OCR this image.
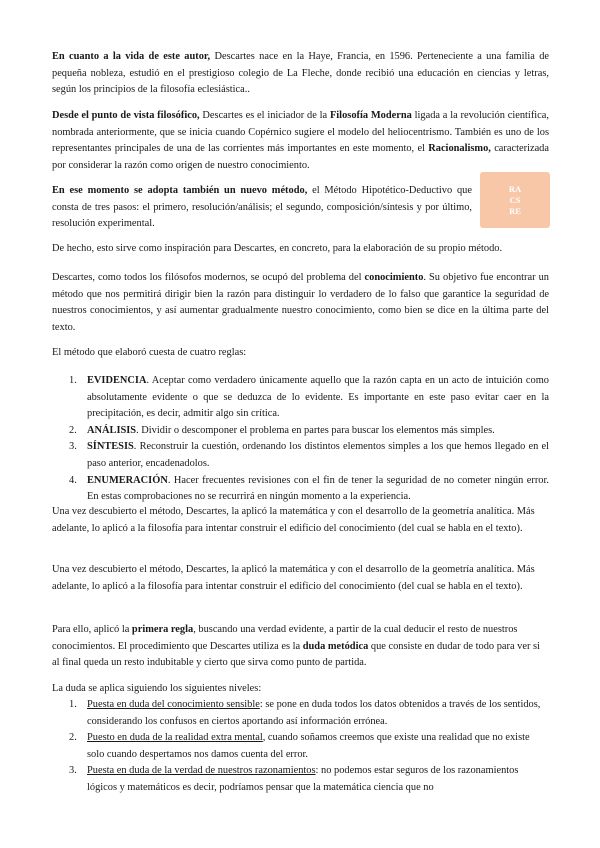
En cuanto a la vida de este autor, Descartes nace en la Haye, Francia, en 1596. Perteneciente a una familia de pequeña nobleza, estudió en el prestigioso colegio de La Fleche, donde recibió una educación en ciencias y letras, según los principios de la filosofía eclesiástica..

Desde el punto de vista filosófico, Descartes es el iniciador de la Filosofía Moderna ligada a la revolución científica, nombrada anteriormente, que se inicia cuando Copérnico sugiere el modelo del heliocentrismo. También es uno de los representantes principales de una de las corrientes más importantes en este momento, el Racionalismo, caracterizada por considerar la razón como origen de nuestro conocimiento.

En ese momento se adopta también un nuevo método, el Método Hipotético-Deductivo que consta de tres pasos: el primero, resolución/análisis; el segundo, composición/síntesis y por último, resolución experimental.

RA
CS
RE

De hecho, esto sirve como inspiración para Descartes, en concreto, para la elaboración de su propio método.

Descartes, como todos los filósofos modernos, se ocupó del problema del conocimiento. Su objetivo fue encontrar un método que nos permitirá dirigir bien la razón para distinguir lo verdadero de lo falso que garantice la seguridad de nuestros conocimientos, y así aumentar gradualmente nuestro conocimiento, como bien se dice en la última parte del texto.

El método que elaboró cuesta de cuatro reglas:

1. EVIDENCIA. Aceptar como verdadero únicamente aquello que la razón capta en un acto de intuición como absolutamente evidente o que se deduzca de lo evidente. Es importante en este paso evitar caer en la precipitación, es decir, admitir algo sin crítica.
2. ANÁLISIS. Dividir o descomponer el problema en partes para buscar los elementos más simples.
3. SÍNTESIS. Reconstruir la cuestión, ordenando los distintos elementos simples a los que hemos llegado en el paso anterior, encadenadolos.
4. ENUMERACIÓN. Hacer frecuentes revisiones con el fin de tener la seguridad de no cometer ningún error. En estas comprobaciones no se recurrirá en ningún momento a la experiencia.

Una vez descubierto el método, Descartes, la aplicó la matemática y con el desarrollo de la geometría analítica. Más adelante, lo aplicó a la filosofía para intentar construir el edificio del conocimiento (del cual se habla en el texto).

Una vez descubierto el método, Descartes, la aplicó la matemática y con el desarrollo de la geometría analítica. Más adelante, lo aplicó a la filosofía para intentar construir el edificio del conocimiento (del cual se habla en el texto).

Para ello, aplicó la primera regla, buscando una verdad evidente, a partir de la cual deducir el resto de nuestros conocimientos. El procedimiento que Descartes utiliza es la duda metódica que consiste en dudar de todo para ver si al final queda un resto indubitable y cierto que sirva como punto de partida.

La duda se aplica siguiendo los siguientes niveles:

1. Puesta en duda del conocimiento sensible: se pone en duda todos los datos obtenidos a través de los sentidos, considerando los confusos en ciertos aportando así información errónea.
2. Puesto en duda de la realidad extra mental, cuando soñamos creemos que existe una realidad que no existe solo cuando despertamos nos damos cuenta del error.
3. Puesta en duda de la verdad de nuestros razonamientos: no podemos estar seguros de los razonamientos lógicos y matemáticos es decir, podríamos pensar que la matemática ciencia que no
